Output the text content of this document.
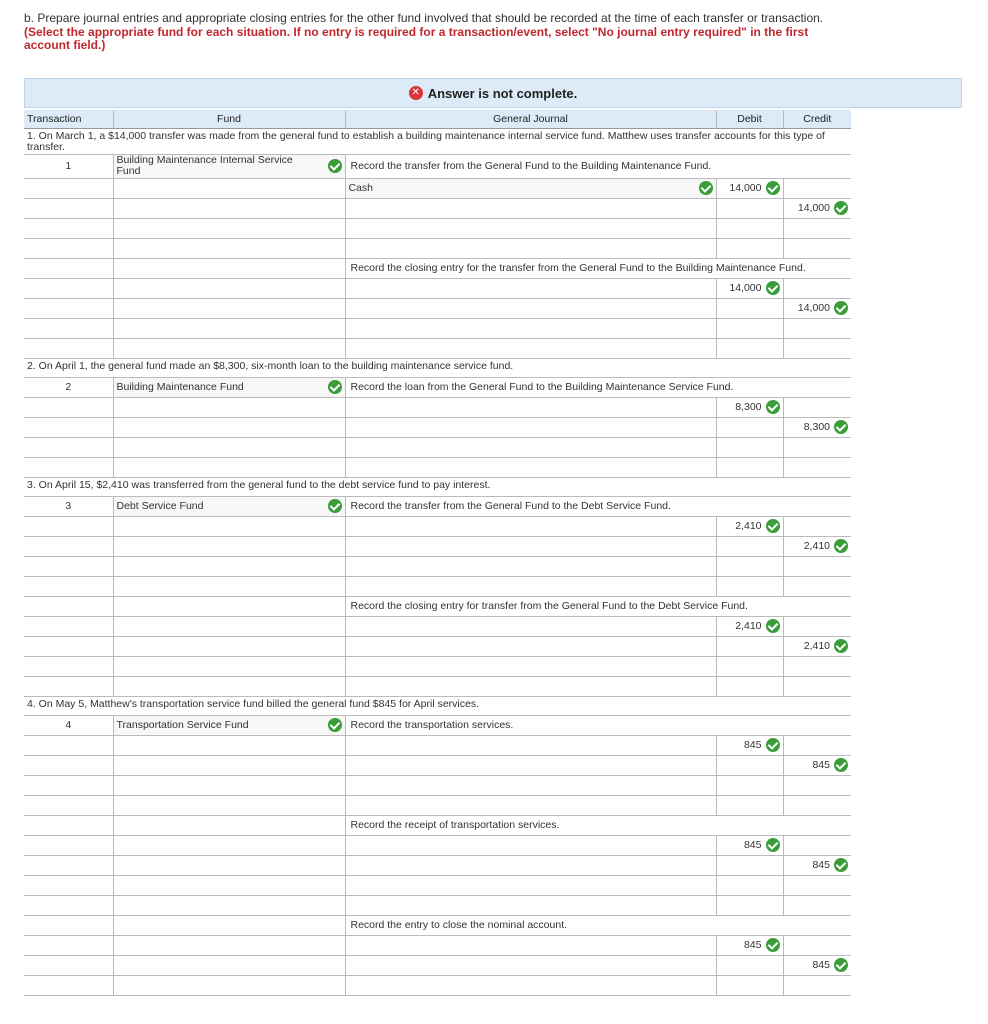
b. Prepare journal entries and appropriate closing entries for the other fund involved that should be recorded at the time of each transfer or transaction. (Select the appropriate fund for each situation. If no entry is required for a transaction/event, select "No journal entry required" in the first account field.)
✕ Answer is not complete.
Transaction	Fund	General Journal	Debit	Credit
1. On March 1, a $14,000 transfer was made from the general fund to establish a building maintenance internal service fund. Matthew uses transfer accounts for this type of transfer.				
1	Building Maintenance Internal Service Fund	Record the transfer from the General Fund to the Building Maintenance Fund.		

		Cash	14,000	
				14,000

		Record the closing entry for the transfer from the General Fund to the Building Maintenance Fund.		

			14,000	
				14,000

2. On April 1, the general fund made an $8,300, six-month loan to the building maintenance service fund.				
2	Building Maintenance Fund	Record the loan from the General Fund to the Building Maintenance Service Fund.		

			8,300	
				8,300

3. On April 15, $2,410 was transferred from the general fund to the debt service fund to pay interest.				
3	Debt Service Fund	Record the transfer from the General Fund to the Debt Service Fund.		

			2,410	
				2,410

		Record the closing entry for transfer from the General Fund to the Debt Service Fund.		

			2,410	
				2,410

4. On May 5, Matthew's transportation service fund billed the general fund $845 for April services.				
4	Transportation Service Fund	Record the transportation services.		

			845	
				845

		Record the receipt of transportation services.		

			845	
				845

		Record the entry to close the nominal account.		

			845	
				845
